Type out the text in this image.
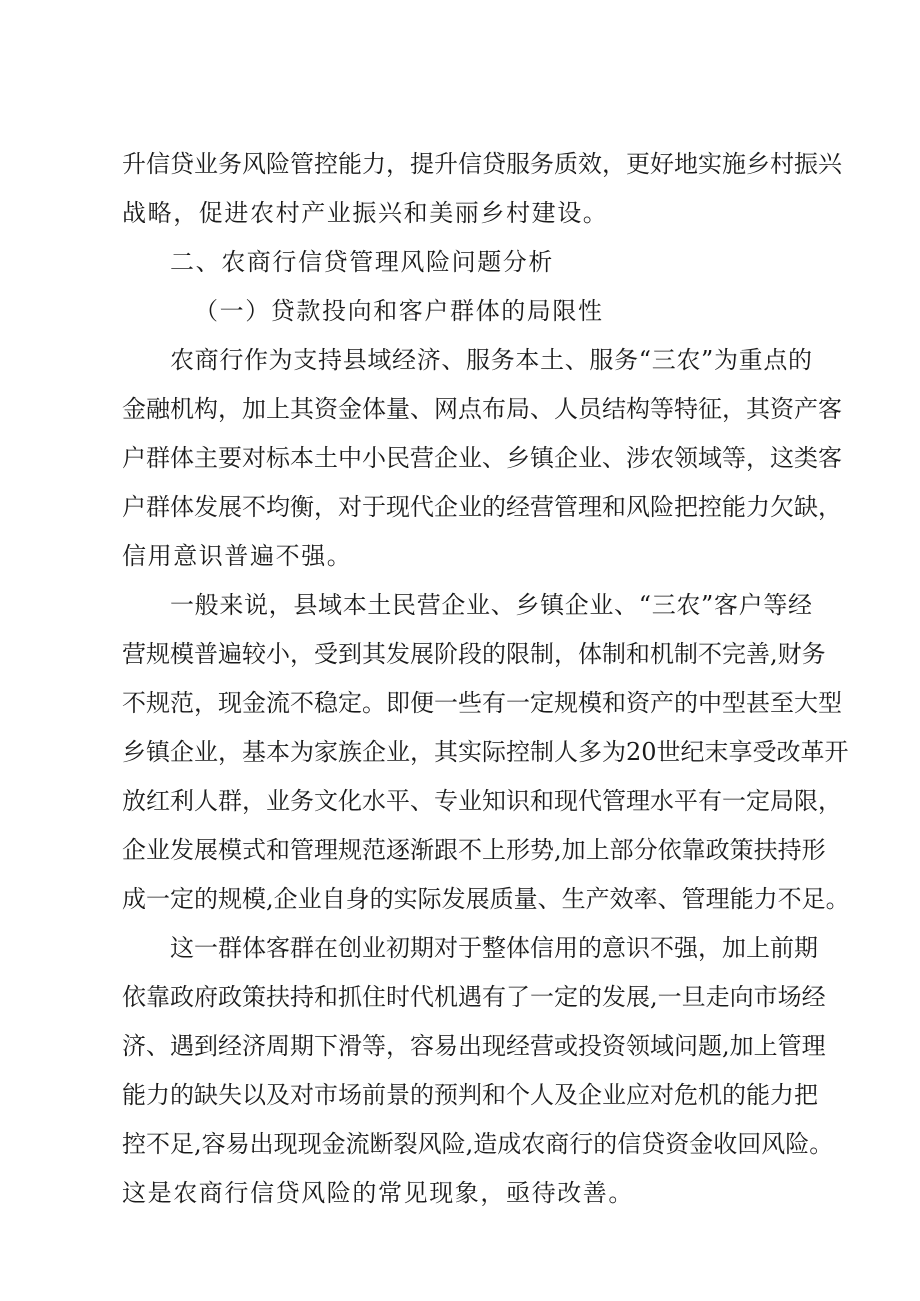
升信贷业务风险管控能力，提升信贷服务质效，更好地实施乡村振兴
战略，促进农村产业振兴和美丽乡村建设。
二、农商行信贷管理风险问题分析
（一）贷款投向和客户群体的局限性
农商行作为支持县域经济、服务本土、服务“三农”为重点的
金融机构，加上其资金体量、网点布局、人员结构等特征，其资产客
户群体主要对标本土中小民营企业、乡镇企业、涉农领域等，这类客
户群体发展不均衡，对于现代企业的经营管理和风险把控能力欠缺，
信用意识普遍不强。
一般来说，县域本土民营企业、乡镇企业、“三农”客户等经
营规模普遍较小，受到其发展阶段的限制，体制和机制不完善,财务
不规范，现金流不稳定。即便一些有一定规模和资产的中型甚至大型
乡镇企业，基本为家族企业，其实际控制人多为20世纪末享受改革开
放红利人群，业务文化水平、专业知识和现代管理水平有一定局限，
企业发展模式和管理规范逐渐跟不上形势,加上部分依靠政策扶持形
成一定的规模,企业自身的实际发展质量、生产效率、管理能力不足。
这一群体客群在创业初期对于整体信用的意识不强，加上前期
依靠政府政策扶持和抓住时代机遇有了一定的发展,一旦走向市场经
济、遇到经济周期下滑等，容易出现经营或投资领域问题,加上管理
能力的缺失以及对市场前景的预判和个人及企业应对危机的能力把
控不足,容易出现现金流断裂风险,造成农商行的信贷资金收回风险。
这是农商行信贷风险的常见现象，亟待改善。
